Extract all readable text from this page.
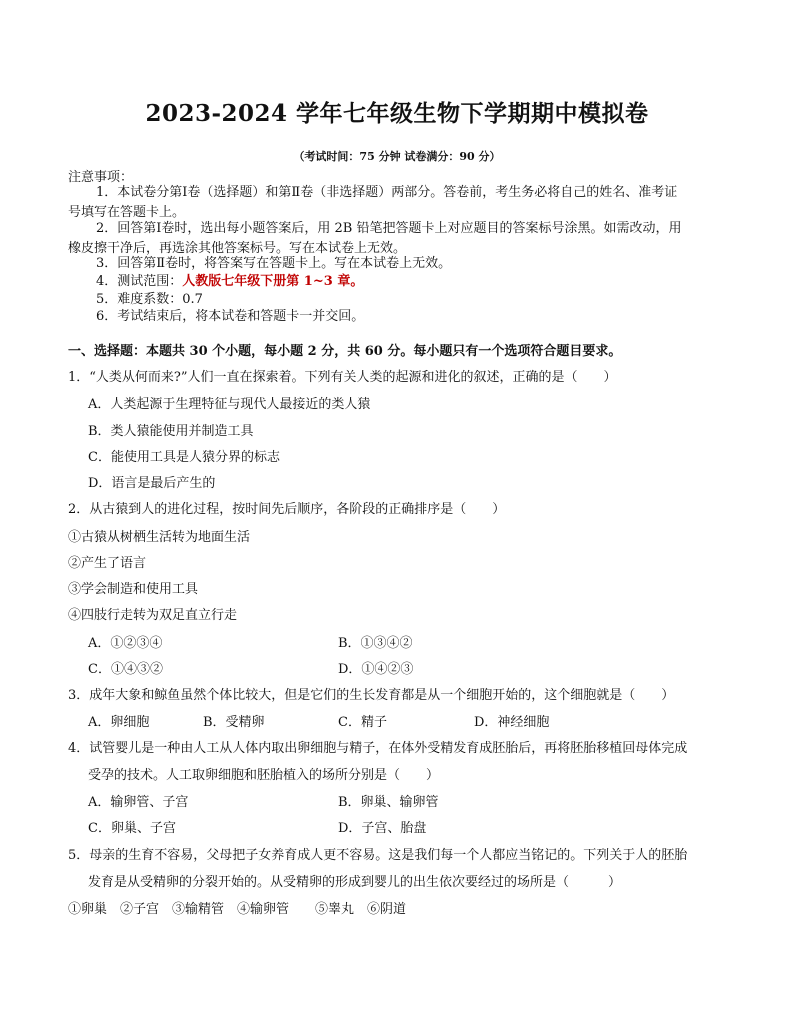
2023-2024 学年七年级生物下学期期中模拟卷
（考试时间：75 分钟 试卷满分：90 分）
注意事项：
1．本试卷分第Ⅰ卷（选择题）和第Ⅱ卷（非选择题）两部分。答卷前，考生务必将自己的姓名、准考证
号填写在答题卡上。
2．回答第Ⅰ卷时，选出每小题答案后，用 2B 铅笔把答题卡上对应题目的答案标号涂黑。如需改动，用
橡皮擦干净后，再选涂其他答案标号。写在本试卷上无效。
3．回答第Ⅱ卷时，将答案写在答题卡上。写在本试卷上无效。
4．测试范围：人教版七年级下册第 1~3 章。
5．难度系数：0.7
6．考试结束后，将本试卷和答题卡一并交回。
一、选择题：本题共 30 个小题，每小题 2 分，共 60 分。每小题只有一个选项符合题目要求。
1．“人类从何而来?”人们一直在探索着。下列有关人类的起源和进化的叙述，正确的是（　　）
A．人类起源于生理特征与现代人最接近的类人猿
B．类人猿能使用并制造工具
C．能使用工具是人猿分界的标志
D．语言是最后产生的
2．从古猿到人的进化过程，按时间先后顺序，各阶段的正确排序是（　　）
①古猿从树栖生活转为地面生活
②产生了语言
③学会制造和使用工具
④四肢行走转为双足直立行走
A．①②③④	B．①③④②
C．①④③②	D．①④②③
3．成年大象和鲸鱼虽然个体比较大，但是它们的生长发育都是从一个细胞开始的，这个细胞就是（　　）
A．卵细胞	B．受精卵	C．精子	D．神经细胞
4．试管婴儿是一种由人工从人体内取出卵细胞与精子，在体外受精发育成胚胎后，再将胚胎移植回母体完成
受孕的技术。人工取卵细胞和胚胎植入的场所分别是（　　）
A．输卵管、子宫	B．卵巢、输卵管
C．卵巢、子宫	D．子宫、胎盘
5．母亲的生育不容易，父母把子女养育成人更不容易。这是我们每一个人都应当铭记的。下列关于人的胚胎
发育是从受精卵的分裂开始的。从受精卵的形成到婴儿的出生依次要经过的场所是（　　　）
①卵巢　②子宫　③输精管　④输卵管　　⑤睾丸　⑥阴道
